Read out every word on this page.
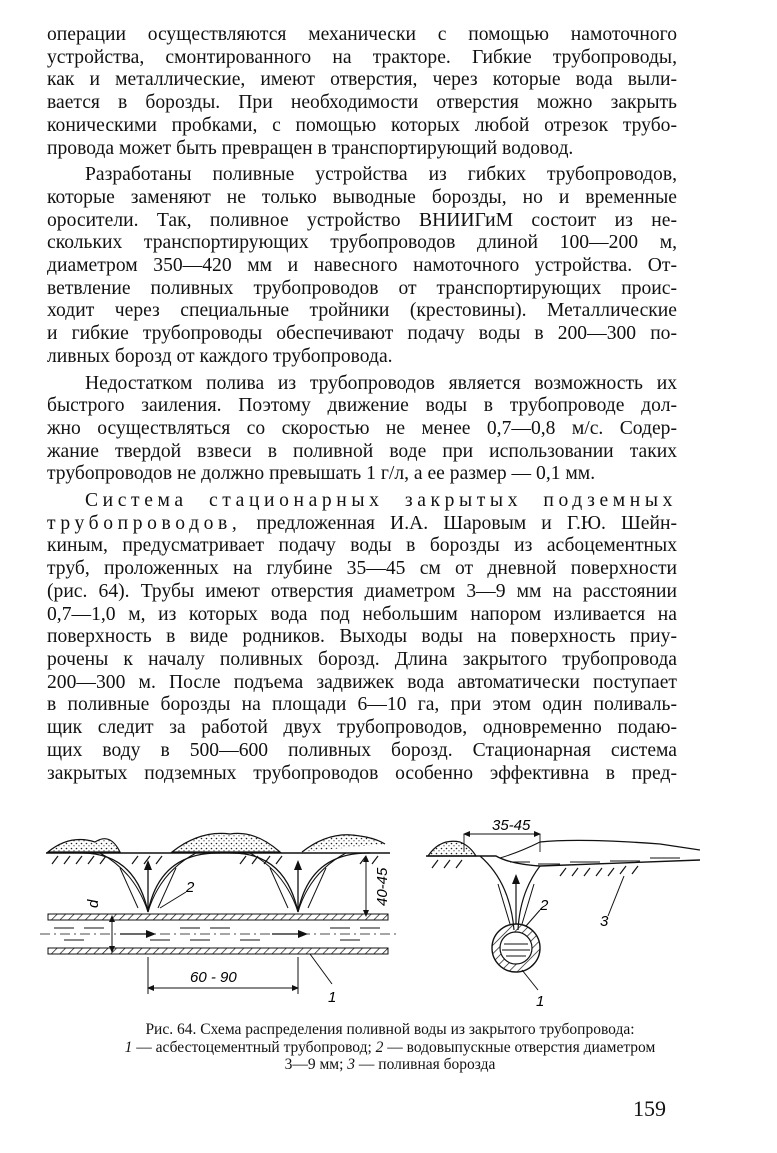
операции осуществляются механически с помощью намоточного
устройства, смонтированного на тракторе. Гибкие трубопроводы,
как и металлические, имеют отверстия, через которые вода выли-
вается в борозды. При необходимости отверстия можно закрыть
коническими пробками, с помощью которых любой отрезок трубо-
провода может быть превращен в транспортирующий водовод.

Разработаны поливные устройства из гибких трубопроводов,
которые заменяют не только выводные борозды, но и временные
оросители. Так, поливное устройство ВНИИГиМ состоит из не-
скольких транспортирующих трубопроводов длиной 100—200 м,
диаметром 350—420 мм и навесного намоточного устройства. От-
ветвление поливных трубопроводов от транспортирующих проис-
ходит через специальные тройники (крестовины). Металлические
и гибкие трубопроводы обеспечивают подачу воды в 200—300 по-
ливных борозд от каждого трубопровода.

Недостатком полива из трубопроводов является возможность их
быстрого заиления. Поэтому движение воды в трубопроводе дол-
жно осуществляться со скоростью не менее 0,7—0,8 м/с. Содер-
жание твердой взвеси в поливной воде при использовании таких
трубопроводов не должно превышать 1 г/л, а ее размер — 0,1 мм.

Система стационарных закрытых подземных
трубопроводов, предложенная И.А. Шаровым и Г.Ю. Шейн-
киным, предусматривает подачу воды в борозды из асбоцементных
труб, проложенных на глубине 35—45 см от дневной поверхности
(рис. 64). Трубы имеют отверстия диаметром 3—9 мм на расстоянии
0,7—1,0 м, из которых вода под небольшим напором изливается на
поверхность в виде родников. Выходы воды на поверхность приу-
рочены к началу поливных борозд. Длина закрытого трубопровода
200—300 м. После подъема задвижек вода автоматически поступает
в поливные борозды на площади 6—10 га, при этом один поливаль-
щик следит за работой двух трубопроводов, одновременно подаю-
щих воду в 500—600 поливных борозд. Стационарная система
закрытых подземных трубопроводов особенно эффективна в пред-

d	40-45
60 - 90
2
1
35-45
2
1
3
Рис. 64. Схема распределения поливной воды из закрытого трубопровода:
1 — асбестоцементный трубопровод; 2 — водовыпускные отверстия диаметром
3—9 мм; 3 — поливная борозда
159
